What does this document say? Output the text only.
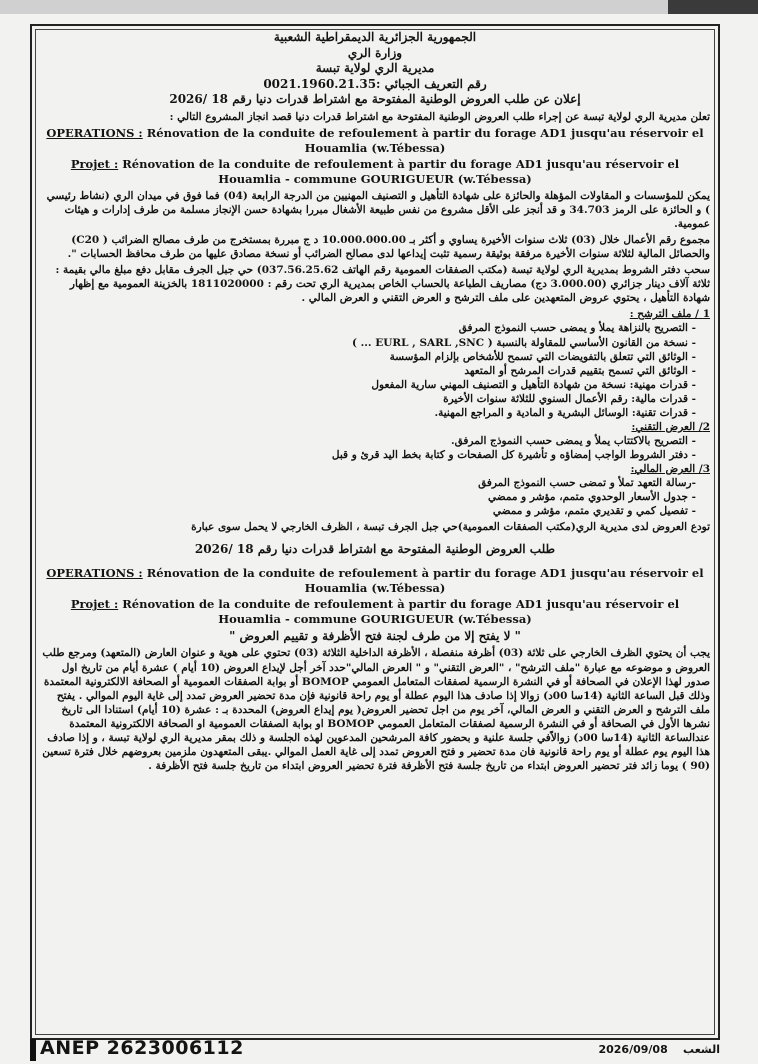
الجمهورية الجزائرية الديمقراطية الشعبية
وزارة الري
مديرية الري لولاية تبسة
رقم التعريف الجبائي :0021.1960.21.35
إعلان عن طلب العروض الوطنية المفتوحة مع اشتراط قدرات دنيا رقم 18 /2026
تعلن مديرية الري لولاية تبسة عن إجراء طلب العروض الوطنية المفتوحة مع اشتراط قدرات دنيا قصد انجاز المشروع التالي :
OPERATIONS : Rénovation de la conduite de refoulement à partir du forage AD1 jusqu'au réservoir el Houamlia (w.Tébessa)
Projet : Rénovation de la conduite de refoulement à partir du forage AD1 jusqu'au réservoir el Houamlia - commune GOURIGUEUR (w.Tébessa)
يمكن للمؤسسات و المقاولات المؤهلة والحائزة على شهادة التأهيل و التصنيف المهنيين من الدرجة الرابعة (04) فما فوق في ميدان الري (نشاط رئيسي ) و الحائزة على الرمز 34.703 و قد أنجز على الأقل مشروع من نفس طبيعة الأشغال مبررا بشهادة حسن الإنجاز مسلمة من طرف إدارات و هيئات عمومية.
مجموع رقم الأعمال خلال (03) ثلاث سنوات الأخيرة يساوي و أكثر بـ 10.000.000.00 د ج مبررة بمستخرج من طرف مصالح الضرائب ( C20) والحصائل المالية لثلاثة سنوات الأخيرة مرفقة بوثيقة رسمية تثبت إيداعها لدى مصالح الضرائب أو نسخة مصادق عليها من طرف محافظ الحسابات ".
سحب دفتر الشروط بمديرية الري لولاية تبسة (مكتب الصفقات العمومية رقم الهاتف 037.56.25.62) حي جبل الجرف مقابل دفع مبلغ مالي بقيمة : ثلاثة آلاف دينار جزائري (3.000.00 دج) مصاريف الطباعة بالحساب الخاص بمديرية الري تحت رقم : 1811020000 بالخزينة العمومية مع إظهار شهادة التأهيل ، يحتوي عروض المتعهدين على ملف الترشح و العرض التقني و العرض المالي .
1 / ملف الترشح :
- التصريح بالنزاهة يملأ و يمضى حسب النموذج المرفق
- نسخة من القانون الأساسي للمقاولة بالنسبة ( EURL , SARL ,SNC ... )
- الوثائق التي تتعلق بالتفويضات التي تسمح للأشخاص بإلزام المؤسسة
- الوثائق التي تسمح بتقييم قدرات المرشح أو المتعهد
- قدرات مهنية: نسخة من شهادة التأهيل و التصنيف المهني سارية المفعول
- قدرات مالية: رقم الأعمال السنوي للثلاثة سنوات الأخيرة
- قدرات تقنية: الوسائل البشرية و المادية و المراجع المهنية.
2/ العرض التقني:
- التصريح بالاكتتاب يملأ و يمضى حسب النموذج المرفق.
- دفتر الشروط الواجب إمضاؤه و تأشيرة كل الصفحات و كتابة بخط اليد قرئ و قبل
3/ العرض المالي:
-رسالة التعهد تملأ و تمضى حسب النموذج المرفق
- جدول الأسعار الوحدوي متمم، مؤشر و ممضي
- تفصيل كمي و تقديري متمم، مؤشر و ممضي
تودع العروض لدى مديرية الري(مكتب الصفقات العمومية)حي جبل الجرف تبسة ، الظرف الخارجي لا يحمل سوى عبارة
طلب العروض الوطنية المفتوحة مع اشتراط قدرات دنيا رقم 18 /2026
OPERATIONS : Rénovation de la conduite de refoulement à partir du forage AD1 jusqu'au réservoir el Houamlia (w.Tébessa)
Projet : Rénovation de la conduite de refoulement à partir du forage AD1 jusqu'au réservoir el Houamlia - commune GOURIGUEUR (w.Tébessa)
" لا يفتح إلا من طرف لجنة فتح الأظرفة و تقييم العروض "
يجب أن يحتوي الظرف الخارجي على ثلاثة (03) أظرفة منفصلة ، الأظرفة الداخلية الثلاثة (03) تحتوي على هوية و عنوان العارض (المتعهد) ومرجع طلب العروض و موضوعه مع عبارة "ملف الترشح" ، "العرض التقني" و " العرض المالي"حدد آخر أجل لإيداع العروض (10 أيام ) عشرة أيام من تاريخ اول صدور لهذا الإعلان في الصحافة أو في النشرة الرسمية لصفقات المتعامل العمومي BOMOP أو بوابة الصفقات العمومية أو الصحافة الالكترونية المعتمدة وذلك قبل الساعة الثانية (14سا 00د) زوالا إذا صادف هذا اليوم عطلة أو يوم راحة قانونية فإن مدة تحضير العروض تمدد إلى غاية اليوم الموالي . يفتح ملف الترشح و العرض التقني و العرض المالي، آخر يوم من اجل تحضير العروض( يوم إيداع العروض) المحددة بـ : عشرة (10 أيام) استنادا الى تاريخ نشرها الأول في الصحافة أو في النشرة الرسمية لصفقات المتعامل العمومي BOMOP او بوابة الصفقات العمومية او الصحافة الالكترونية المعتمدة عندالساعة الثانية (14سا 00د) زوالاًفي جلسة علنية و بحضور كافة المرشحين المدعوين لهذه الجلسة و ذلك بمقر مديرية الري لولاية تبسة ، و إذا صادف هذا اليوم يوم عطلة أو يوم راحة قانونية فان مدة تحضير و فتح العروض تمدد إلى غاية العمل الموالي .يبقى المتعهدون ملزمين بعروضهم خلال فترة تسعين (90 ) يوما زائد فتر تحضير العروض ابتداء من تاريخ جلسة فتح الأظرفة فترة تحضير العروض ابتداء من تاريخ جلسة فتح الأظرفة .
ANEP 2623006112	2026/09/08 الشعب
